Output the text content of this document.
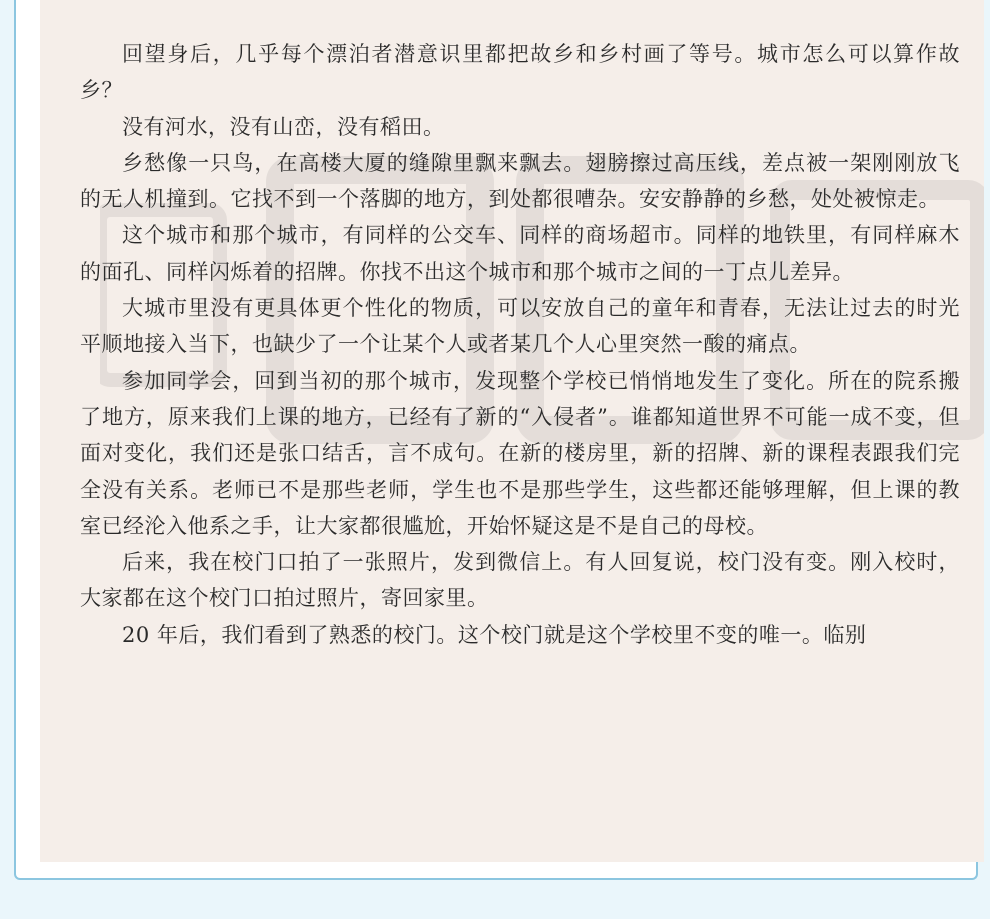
回望身后，几乎每个漂泊者潜意识里都把故乡和乡村画了等号。城市怎么可以算作故乡？

没有河水，没有山峦，没有稻田。

乡愁像一只鸟，在高楼大厦的缝隙里飘来飘去。翅膀擦过高压线，差点被一架刚刚放飞的无人机撞到。它找不到一个落脚的地方，到处都很嘈杂。安安静静的乡愁，处处被惊走。

这个城市和那个城市，有同样的公交车、同样的商场超市。同样的地铁里，有同样麻木的面孔、同样闪烁着的招牌。你找不出这个城市和那个城市之间的一丁点儿差异。

大城市里没有更具体更个性化的物质，可以安放自己的童年和青春，无法让过去的时光平顺地接入当下，也缺少了一个让某个人或者某几个人心里突然一酸的痛点。

参加同学会，回到当初的那个城市，发现整个学校已悄悄地发生了变化。所在的院系搬了地方，原来我们上课的地方，已经有了新的“入侵者”。谁都知道世界不可能一成不变，但面对变化，我们还是张口结舌，言不成句。在新的楼房里，新的招牌、新的课程表跟我们完全没有关系。老师已不是那些老师，学生也不是那些学生，这些都还能够理解，但上课的教室已经沦入他系之手，让大家都很尴尬，开始怀疑这是不是自己的母校。

后来，我在校门口拍了一张照片，发到微信上。有人回复说，校门没有变。刚入校时，大家都在这个校门口拍过照片，寄回家里。

20 年后，我们看到了熟悉的校门。这个校门就是这个学校里不变的唯一。临别
